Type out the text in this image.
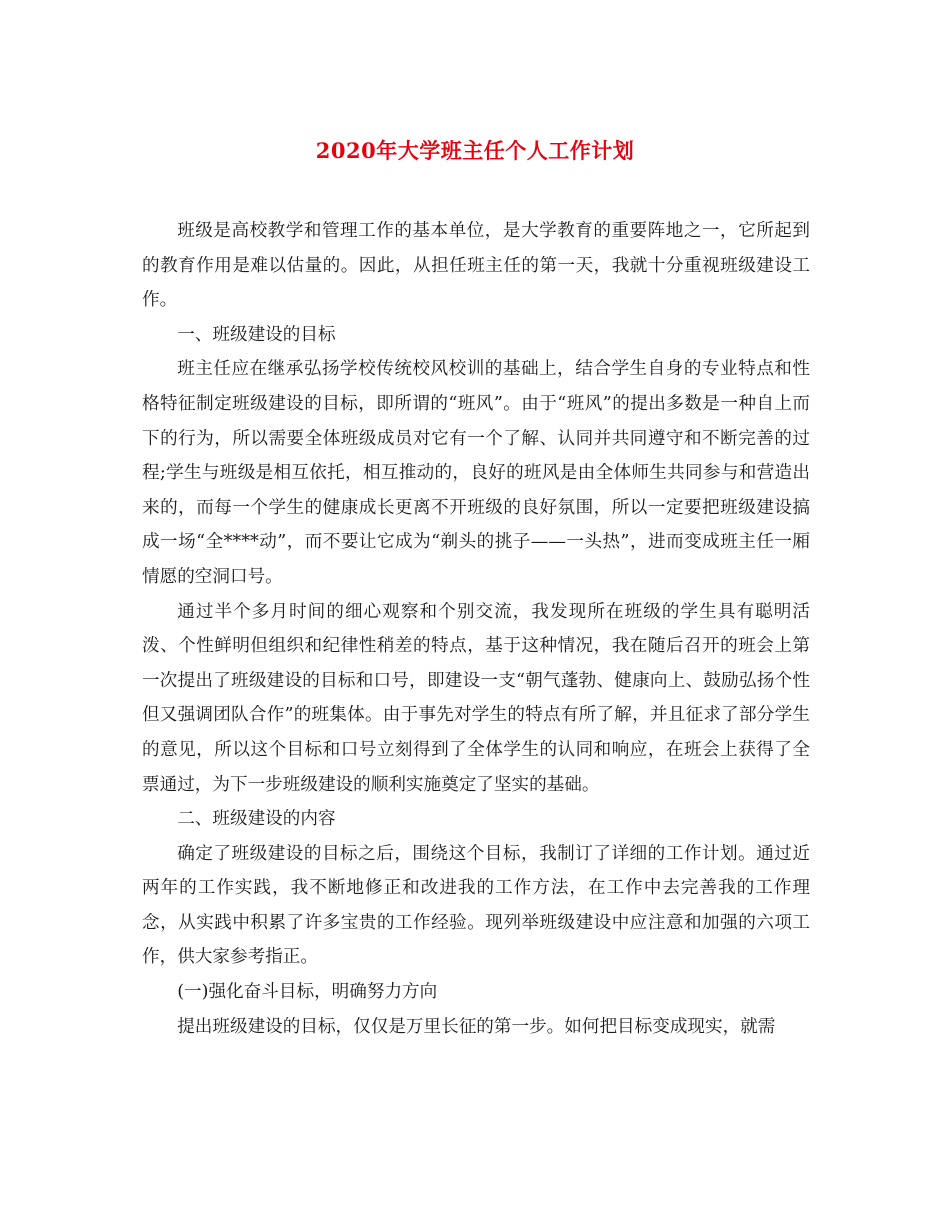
2020年大学班主任个人工作计划

班级是高校教学和管理工作的基本单位，是大学教育的重要阵地之一，它所起到的教育作用是难以估量的。因此，从担任班主任的第一天，我就十分重视班级建设工作。

一、班级建设的目标

班主任应在继承弘扬学校传统校风校训的基础上，结合学生自身的专业特点和性格特征制定班级建设的目标，即所谓的“班风”。由于“班风”的提出多数是一种自上而下的行为，所以需要全体班级成员对它有一个了解、认同并共同遵守和不断完善的过程;学生与班级是相互依托，相互推动的，良好的班风是由全体师生共同参与和营造出来的，而每一个学生的健康成长更离不开班级的良好氛围，所以一定要把班级建设搞成一场“全****动”，而不要让它成为“剃头的挑子——一头热”，进而变成班主任一厢情愿的空洞口号。

通过半个多月时间的细心观察和个别交流，我发现所在班级的学生具有聪明活泼、个性鲜明但组织和纪律性稍差的特点，基于这种情况，我在随后召开的班会上第一次提出了班级建设的目标和口号，即建设一支“朝气蓬勃、健康向上、鼓励弘扬个性但又强调团队合作”的班集体。由于事先对学生的特点有所了解，并且征求了部分学生的意见，所以这个目标和口号立刻得到了全体学生的认同和响应，在班会上获得了全票通过，为下一步班级建设的顺利实施奠定了坚实的基础。

二、班级建设的内容

确定了班级建设的目标之后，围绕这个目标，我制订了详细的工作计划。通过近两年的工作实践，我不断地修正和改进我的工作方法，在工作中去完善我的工作理念，从实践中积累了许多宝贵的工作经验。现列举班级建设中应注意和加强的六项工作，供大家参考指正。

(一)强化奋斗目标，明确努力方向

提出班级建设的目标，仅仅是万里长征的第一步。如何把目标变成现实，就需
